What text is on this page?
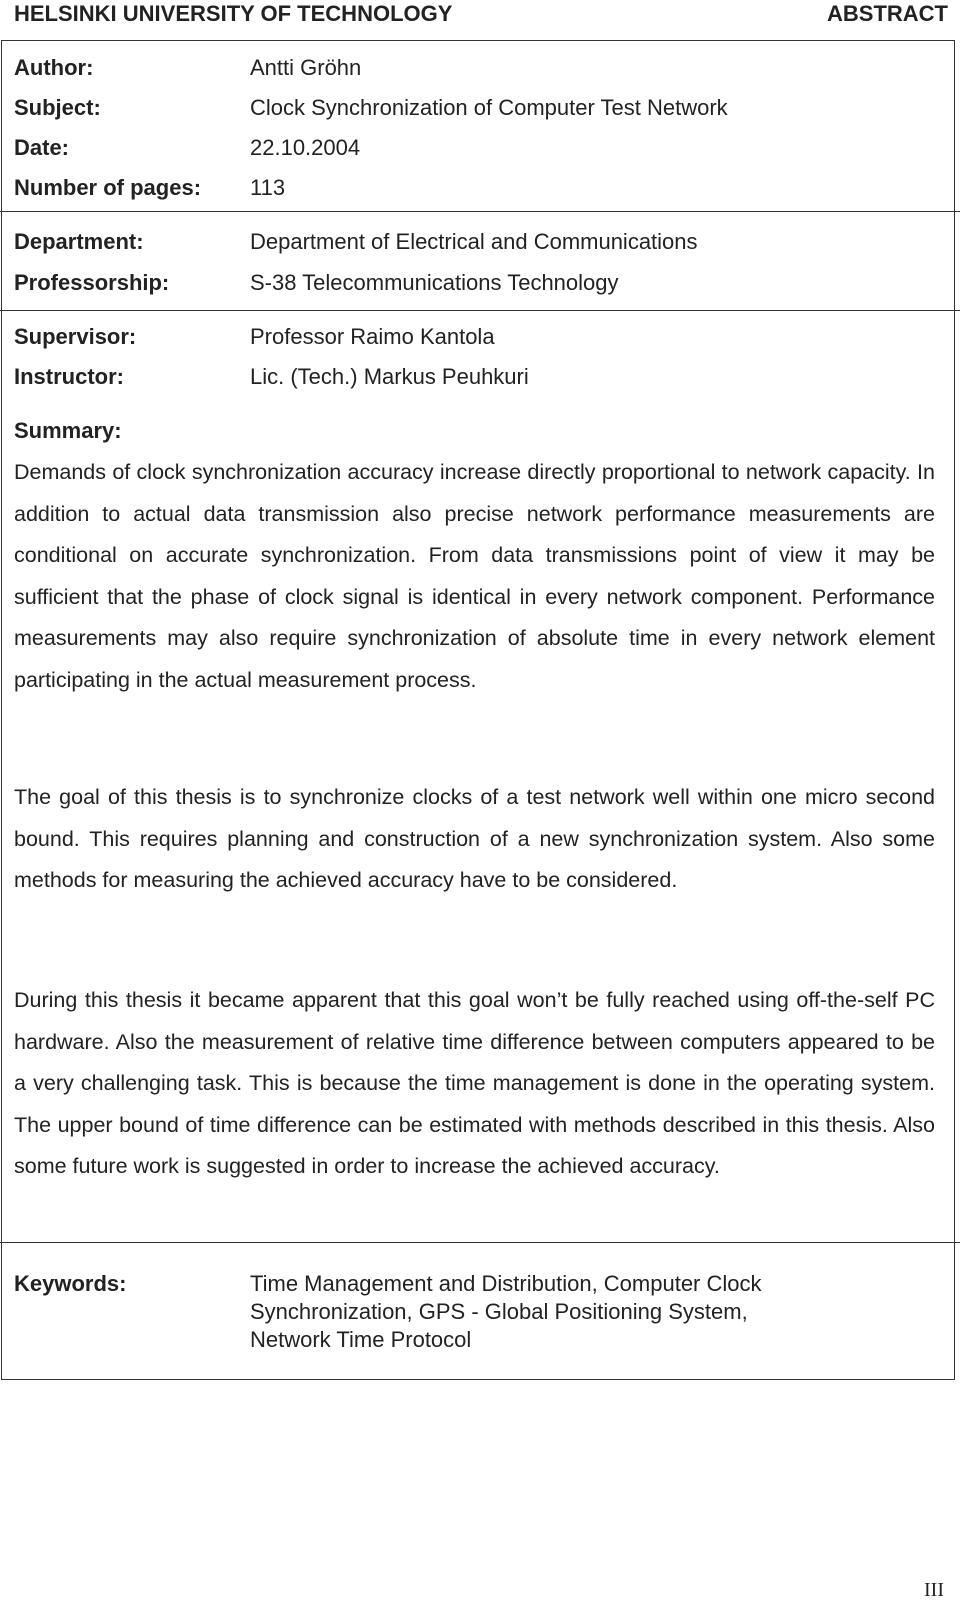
HELSINKI UNIVERSITY OF TECHNOLOGY	ABSTRACT
Author:	Antti Gröhn
Subject:	Clock Synchronization of Computer Test Network
Date:	22.10.2004
Number of pages: 113
Department:	Department of Electrical and Communications
Professorship:	S-38 Telecommunications Technology
Supervisor:	Professor Raimo Kantola
Instructor:	Lic. (Tech.) Markus Peuhkuri
Summary:

Demands of clock synchronization accuracy increase directly proportional to network capacity. In addition to actual data transmission also precise network performance measurements are conditional on accurate synchronization. From data transmissions point of view it may be sufficient that the phase of clock signal is identical in every network component. Performance measurements may also require synchronization of absolute time in every network element participating in the actual measurement process.

The goal of this thesis is to synchronize clocks of a test network well within one micro second bound. This requires planning and construction of a new synchronization system. Also some methods for measuring the achieved accuracy have to be considered.

During this thesis it became apparent that this goal won’t be fully reached using off-the-self PC hardware. Also the measurement of relative time difference between computers appeared to be a very challenging task. This is because the time management is done in the operating system. The upper bound of time difference can be estimated with methods described in this thesis. Also some future work is suggested in order to increase the achieved accuracy.

Keywords:	Time Management and Distribution, Computer Clock
Synchronization, GPS - Global Positioning System,
Network Time Protocol
III
